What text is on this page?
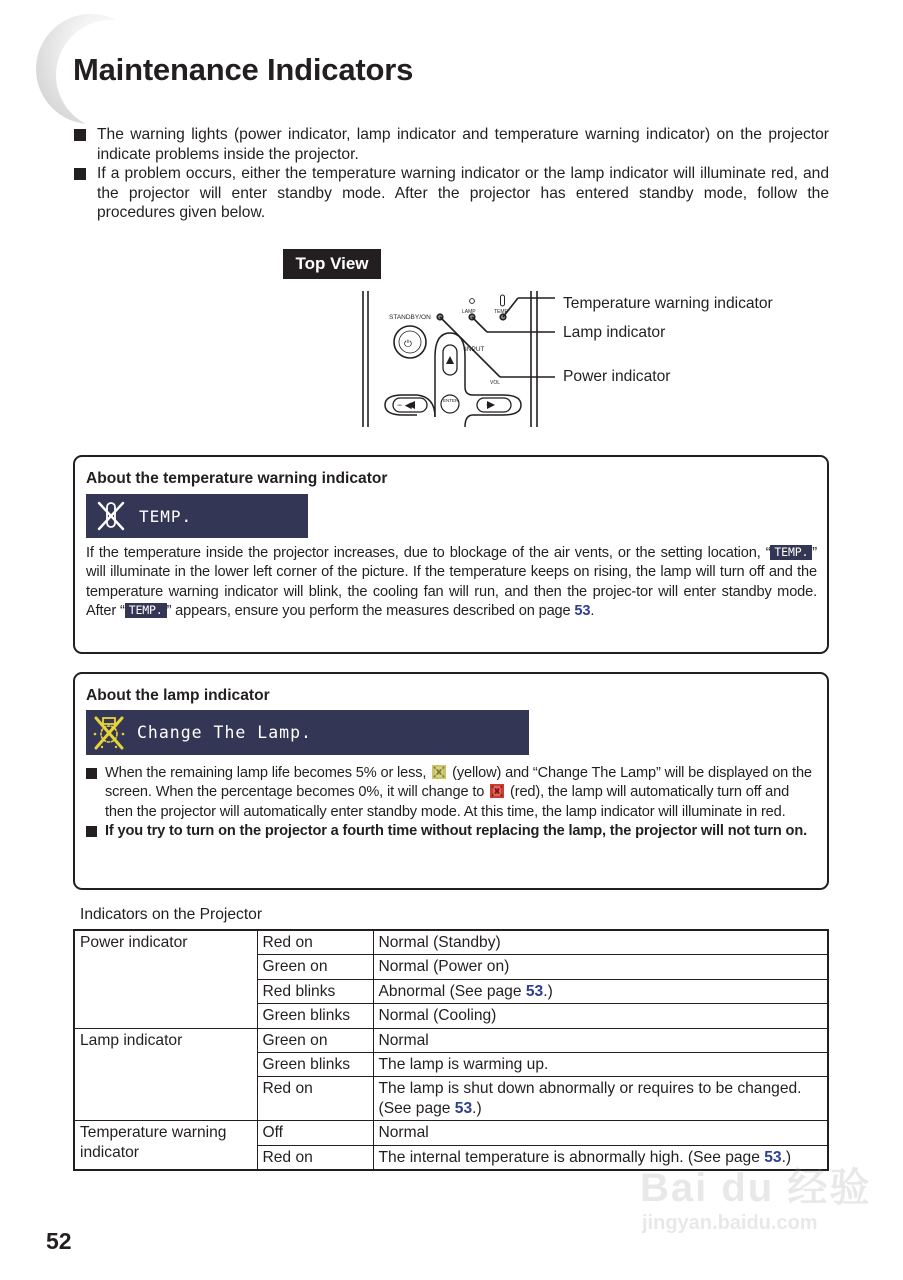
Maintenance Indicators
The warning lights (power indicator, lamp indicator and temperature warning indicator) on the projector indicate problems inside the projector.
If a problem occurs, either the temperature warning indicator or the lamp indicator will illuminate red, and the projector will enter standby mode. After the projector has entered standby mode, follow the procedures given below.
Top View
⏻
STANDBY/ON
LAMP	TEMP
INPUT
VOL
ENTER
− ◀	+
Temperature warning indicator
Lamp indicator
Power indicator
About the temperature warning indicator
TEMP.
If the temperature inside the projector increases, due to blockage of the air vents, or the setting location, “ TEMP. ” will illuminate in the lower left corner of the picture. If the temperature keeps on rising, the lamp will turn off and the temperature warning indicator will blink, the cooling fan will run, and then the projec-tor will enter standby mode. After “ TEMP. ” appears, ensure you perform the measures described on page 53.
About the lamp indicator
Change The Lamp.
When the remaining lamp life becomes 5% or less,  (yellow) and “Change The Lamp” will be displayed on the screen. When the percentage becomes 0%, it will change to  (red), the lamp will automatically turn off and then the projector will automatically enter standby mode. At this time, the lamp indicator will illuminate in red.
If you try to turn on the projector a fourth time without replacing the lamp, the projector will not turn on.
Indicators on the Projector
Power indicator	Red on	Normal (Standby)
	Green on	Normal (Power on)
	Red blinks	Abnormal (See page 53.)
	Green blinks	Normal (Cooling)
Lamp indicator	Green on	Normal
	Green blinks	The lamp is warming up.
	Red on	The lamp is shut down abnormally or requires to be changed. (See page 53.)
Temperature warning indicator	Off	Normal
	Red on	The internal temperature is abnormally high. (See page 53.)
52
Bai du 经验
jingyan.baidu.com
